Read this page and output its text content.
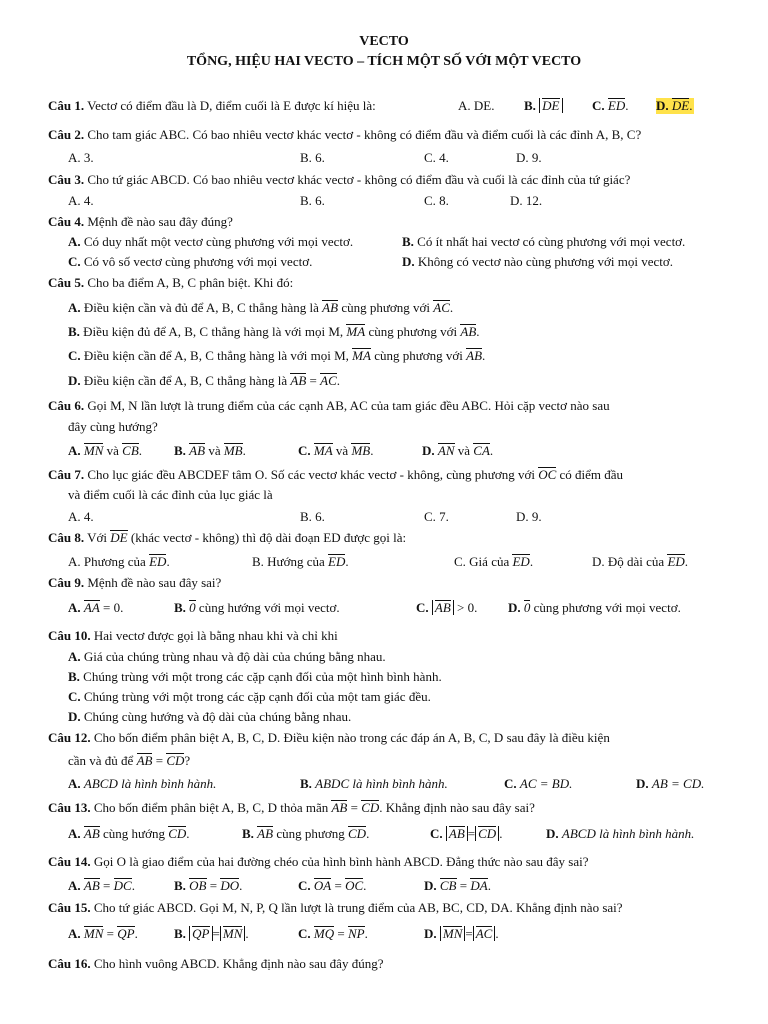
VECTO
TỔNG, HIỆU HAI VECTO – TÍCH MỘT SỐ VỚI MỘT VECTO
Câu 1. Vectơ có điểm đầu là D, điểm cuối là E được kí hiệu là:	A. DE. B. DE C. ED. D. DE.
Câu 2. Cho tam giác ABC. Có bao nhiêu vectơ khác vectơ - không có điểm đầu và điểm cuối là các đỉnh A, B, C?
A. 3.	B. 6.	C. 4.	D. 9.
Câu 3. Cho tứ giác ABCD. Có bao nhiêu vectơ khác vectơ - không có điểm đầu và cuối là các đỉnh của tứ giác?
A. 4.	B. 6.	C. 8.	D. 12.
Câu 4. Mệnh đề nào sau đây đúng?
A. Có duy nhất một vectơ cùng phương với mọi vectơ.	B. Có ít nhất hai vectơ có cùng phương với mọi vectơ.
C. Có vô số vectơ cùng phương với mọi vectơ.	D. Không có vectơ nào cùng phương với mọi vectơ.
Câu 5. Cho ba điểm A, B, C phân biệt. Khi đó:
A. Điều kiện cần và đủ để A, B, C thẳng hàng là AB cùng phương với AC.
B. Điều kiện đủ để A, B, C thẳng hàng là với mọi M, MA cùng phương với AB.
C. Điều kiện cần để A, B, C thẳng hàng là với mọi M, MA cùng phương với AB.
D. Điều kiện cần để A, B, C thẳng hàng là AB = AC.
Câu 6. Gọi M, N lần lượt là trung điểm của các cạnh AB, AC của tam giác đều ABC. Hỏi cặp vectơ nào sau
đây cùng hướng?
A. MN và CB. B. AB và MB.	C. MA và MB.	D. AN và CA.
Câu 7. Cho lục giác đều ABCDEF tâm O. Số các vectơ khác vectơ - không, cùng phương với OC có điểm đầu
và điểm cuối là các đỉnh của lục giác là
A. 4.	B. 6.	C. 7.	D. 9.
Câu 8. Với DE (khác vectơ - không) thì độ dài đoạn ED được gọi là:
A. Phương của ED.	B. Hướng của ED.	C. Giá của ED.	D. Độ dài của ED.
Câu 9. Mệnh đề nào sau đây sai?
A. AA = 0.	B. 0 cùng hướng với mọi vectơ.	C. AB > 0. D. 0 cùng phương với mọi vectơ.
Câu 10. Hai vectơ được gọi là bằng nhau khi và chỉ khi
A. Giá của chúng trùng nhau và độ dài của chúng bằng nhau.
B. Chúng trùng với một trong các cặp cạnh đối của một hình bình hành.
C. Chúng trùng với một trong các cặp cạnh đối của một tam giác đều.
D. Chúng cùng hướng và độ dài của chúng bằng nhau.
Câu 12. Cho bốn điểm phân biệt A, B, C, D. Điều kiện nào trong các đáp án A, B, C, D sau đây là điều kiện
cần và đủ để AB = CD?
A. ABCD là hình bình hành.	B. ABDC là hình bình hành.	C. AC = BD.	D. AB = CD.
Câu 13. Cho bốn điểm phân biệt A, B, C, D thỏa mãn AB = CD. Khẳng định nào sau đây sai?
A. AB cùng hướng CD.	B. AB cùng phương CD.	C. AB = CD .	D. ABCD là hình bình hành.
Câu 14. Gọi O là giao điểm của hai đường chéo của hình bình hành ABCD. Đẳng thức nào sau đây sai?
A. AB = DC.	B. OB = DO.	C. OA = OC.	D. CB = DA.
Câu 15. Cho tứ giác ABCD. Gọi M, N, P, Q lần lượt là trung điểm của AB, BC, CD, DA. Khẳng định nào sai?
A. MN = QP.	B. QP = MN .	C. MQ = NP.	D. MN = AC .
Câu 16. Cho hình vuông ABCD. Khẳng định nào sau đây đúng?
